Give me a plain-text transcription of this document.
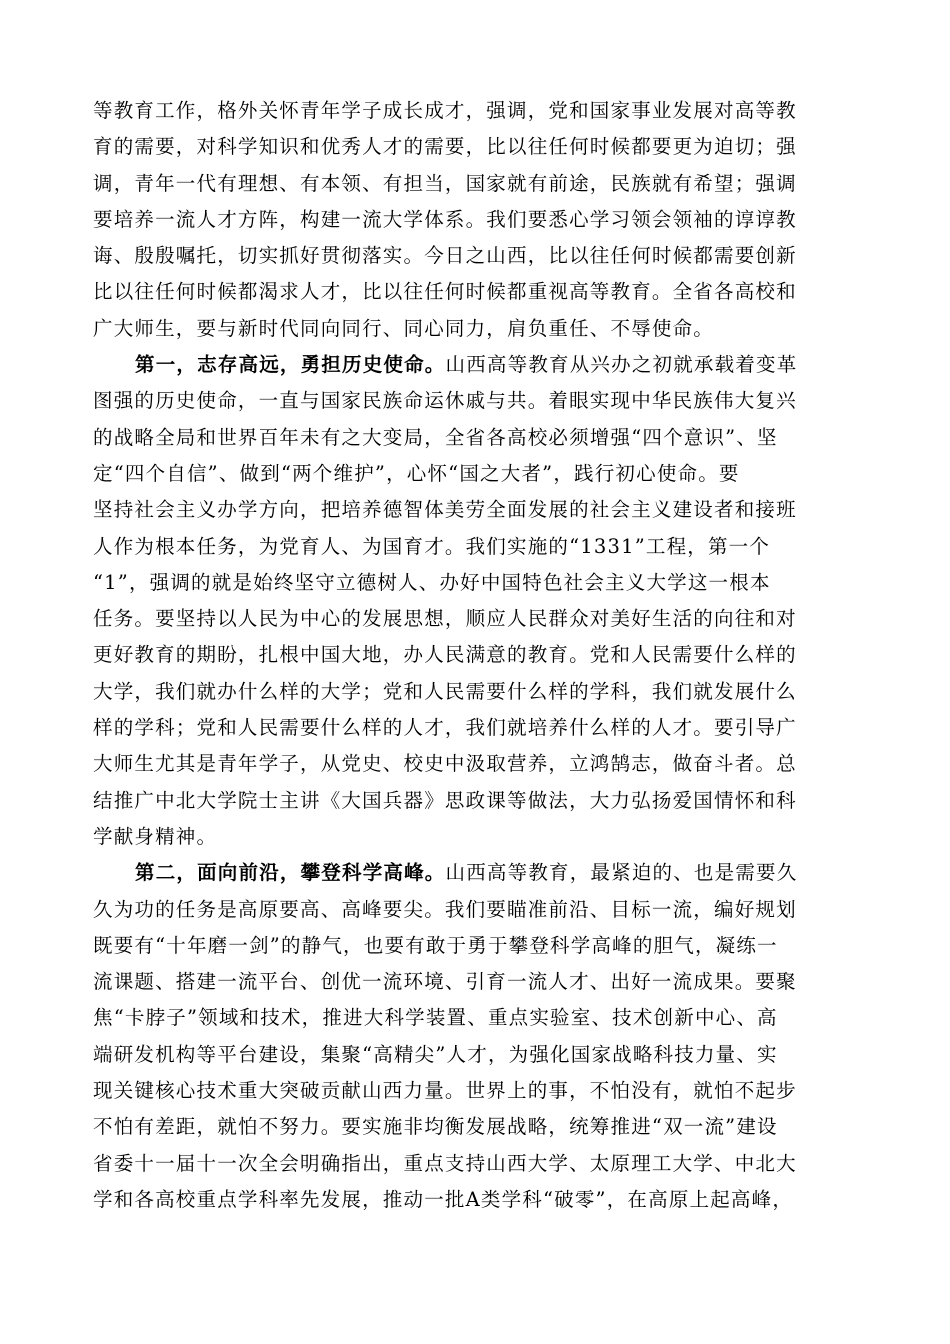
等教育工作，格外关怀青年学子成长成才，强调，党和国家事业发展对高等教
育的需要，对科学知识和优秀人才的需要，比以往任何时候都要更为迫切；强
调，青年一代有理想、有本领、有担当，国家就有前途，民族就有希望；强调
要培养一流人才方阵，构建一流大学体系。我们要悉心学习领会领袖的谆谆教
诲、殷殷嘱托，切实抓好贯彻落实。今日之山西，比以往任何时候都需要创新
比以往任何时候都渴求人才，比以往任何时候都重视高等教育。全省各高校和
广大师生，要与新时代同向同行、同心同力，肩负重任、不辱使命。
第一，志存高远，勇担历史使命。山西高等教育从兴办之初就承载着变革
图强的历史使命，一直与国家民族命运休戚与共。着眼实现中华民族伟大复兴
的战略全局和世界百年未有之大变局，全省各高校必须增强“四个意识”、坚
定“四个自信”、做到“两个维护”，心怀“国之大者”，践行初心使命。要
坚持社会主义办学方向，把培养德智体美劳全面发展的社会主义建设者和接班
人作为根本任务，为党育人、为国育才。我们实施的“1331”工程，第一个
“1”，强调的就是始终坚守立德树人、办好中国特色社会主义大学这一根本
任务。要坚持以人民为中心的发展思想，顺应人民群众对美好生活的向往和对
更好教育的期盼，扎根中国大地，办人民满意的教育。党和人民需要什么样的
大学，我们就办什么样的大学；党和人民需要什么样的学科，我们就发展什么
样的学科；党和人民需要什么样的人才，我们就培养什么样的人才。要引导广
大师生尤其是青年学子，从党史、校史中汲取营养，立鸿鹄志，做奋斗者。总
结推广中北大学院士主讲《大国兵器》思政课等做法，大力弘扬爱国情怀和科
学献身精神。
第二，面向前沿，攀登科学高峰。山西高等教育，最紧迫的、也是需要久
久为功的任务是高原要高、高峰要尖。我们要瞄准前沿、目标一流，编好规划
既要有“十年磨一剑”的静气，也要有敢于勇于攀登科学高峰的胆气，凝练一
流课题、搭建一流平台、创优一流环境、引育一流人才、出好一流成果。要聚
焦“卡脖子”领域和技术，推进大科学装置、重点实验室、技术创新中心、高
端研发机构等平台建设，集聚“高精尖”人才，为强化国家战略科技力量、实
现关键核心技术重大突破贡献山西力量。世界上的事，不怕没有，就怕不起步
不怕有差距，就怕不努力。要实施非均衡发展战略，统筹推进“双一流”建设
省委十一届十一次全会明确指出，重点支持山西大学、太原理工大学、中北大
学和各高校重点学科率先发展，推动一批A类学科“破零”，在高原上起高峰，
